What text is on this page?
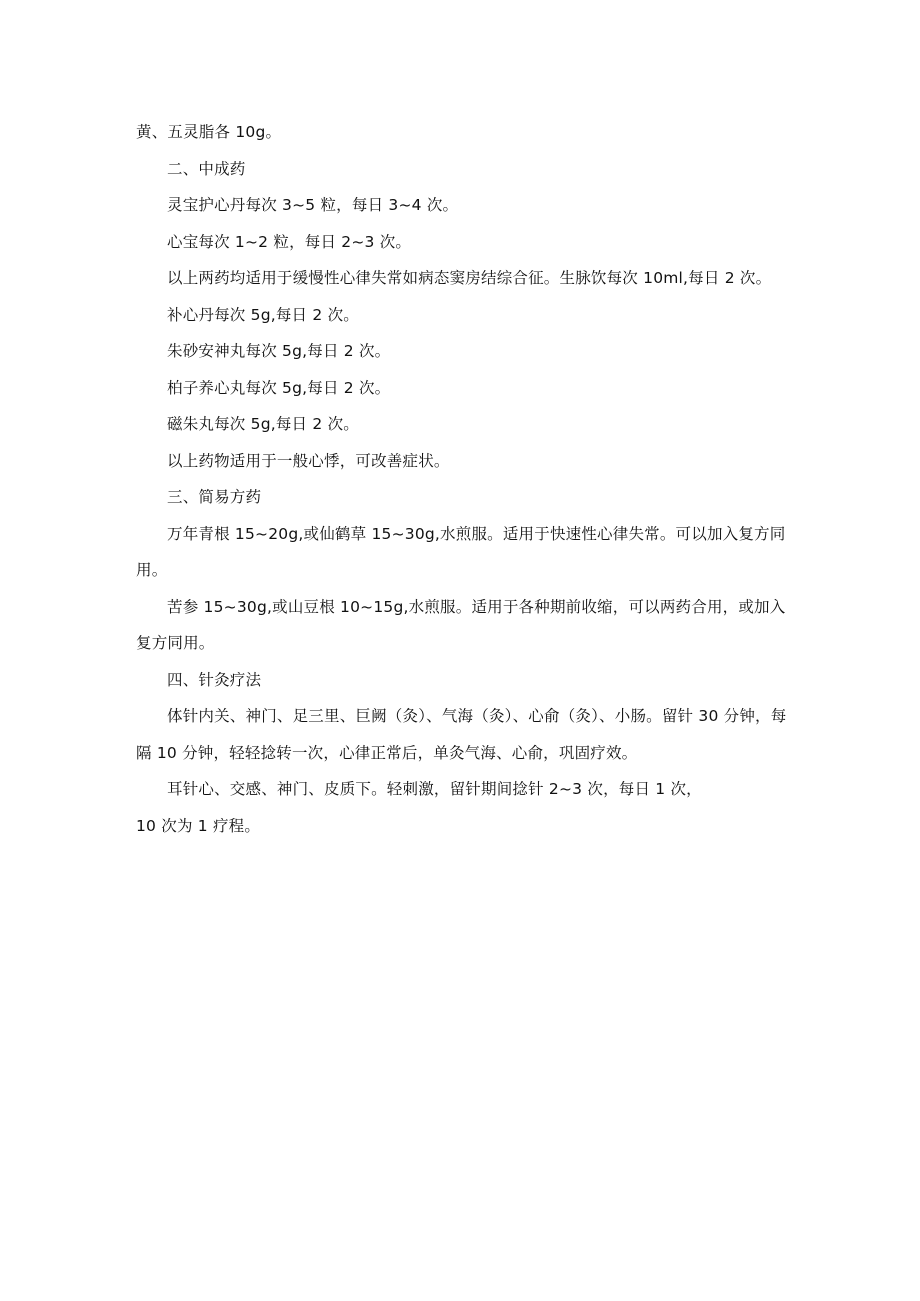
黄、五灵脂各 10g。

二、中成药

灵宝护心丹每次 3~5 粒，每日 3~4 次。

心宝每次 1~2 粒，每日 2~3 次。

以上两药均适用于缓慢性心律失常如病态窦房结综合征。生脉饮每次 10ml,每日 2 次。

补心丹每次 5g,每日 2 次。

朱砂安神丸每次 5g,每日 2 次。

柏子养心丸每次 5g,每日 2 次。

磁朱丸每次 5g,每日 2 次。

以上药物适用于一般心悸，可改善症状。

三、简易方药

万年青根 15~20g,或仙鹤草 15~30g,水煎服。适用于快速性心律失常。可以加入复方同用。

苦参 15~30g,或山豆根 10~15g,水煎服。适用于各种期前收缩，可以两药合用，或加入复方同用。

四、针灸疗法

体针内关、神门、足三里、巨阙（灸）、气海（灸）、心俞（灸）、小肠。留针 30 分钟，每隔 10 分钟，轻轻捻转一次，心律正常后，单灸气海、心俞，巩固疗效。

耳针心、交感、神门、皮质下。轻刺激，留针期间捻针 2~3 次，每日 1 次，

10 次为 1 疗程。
